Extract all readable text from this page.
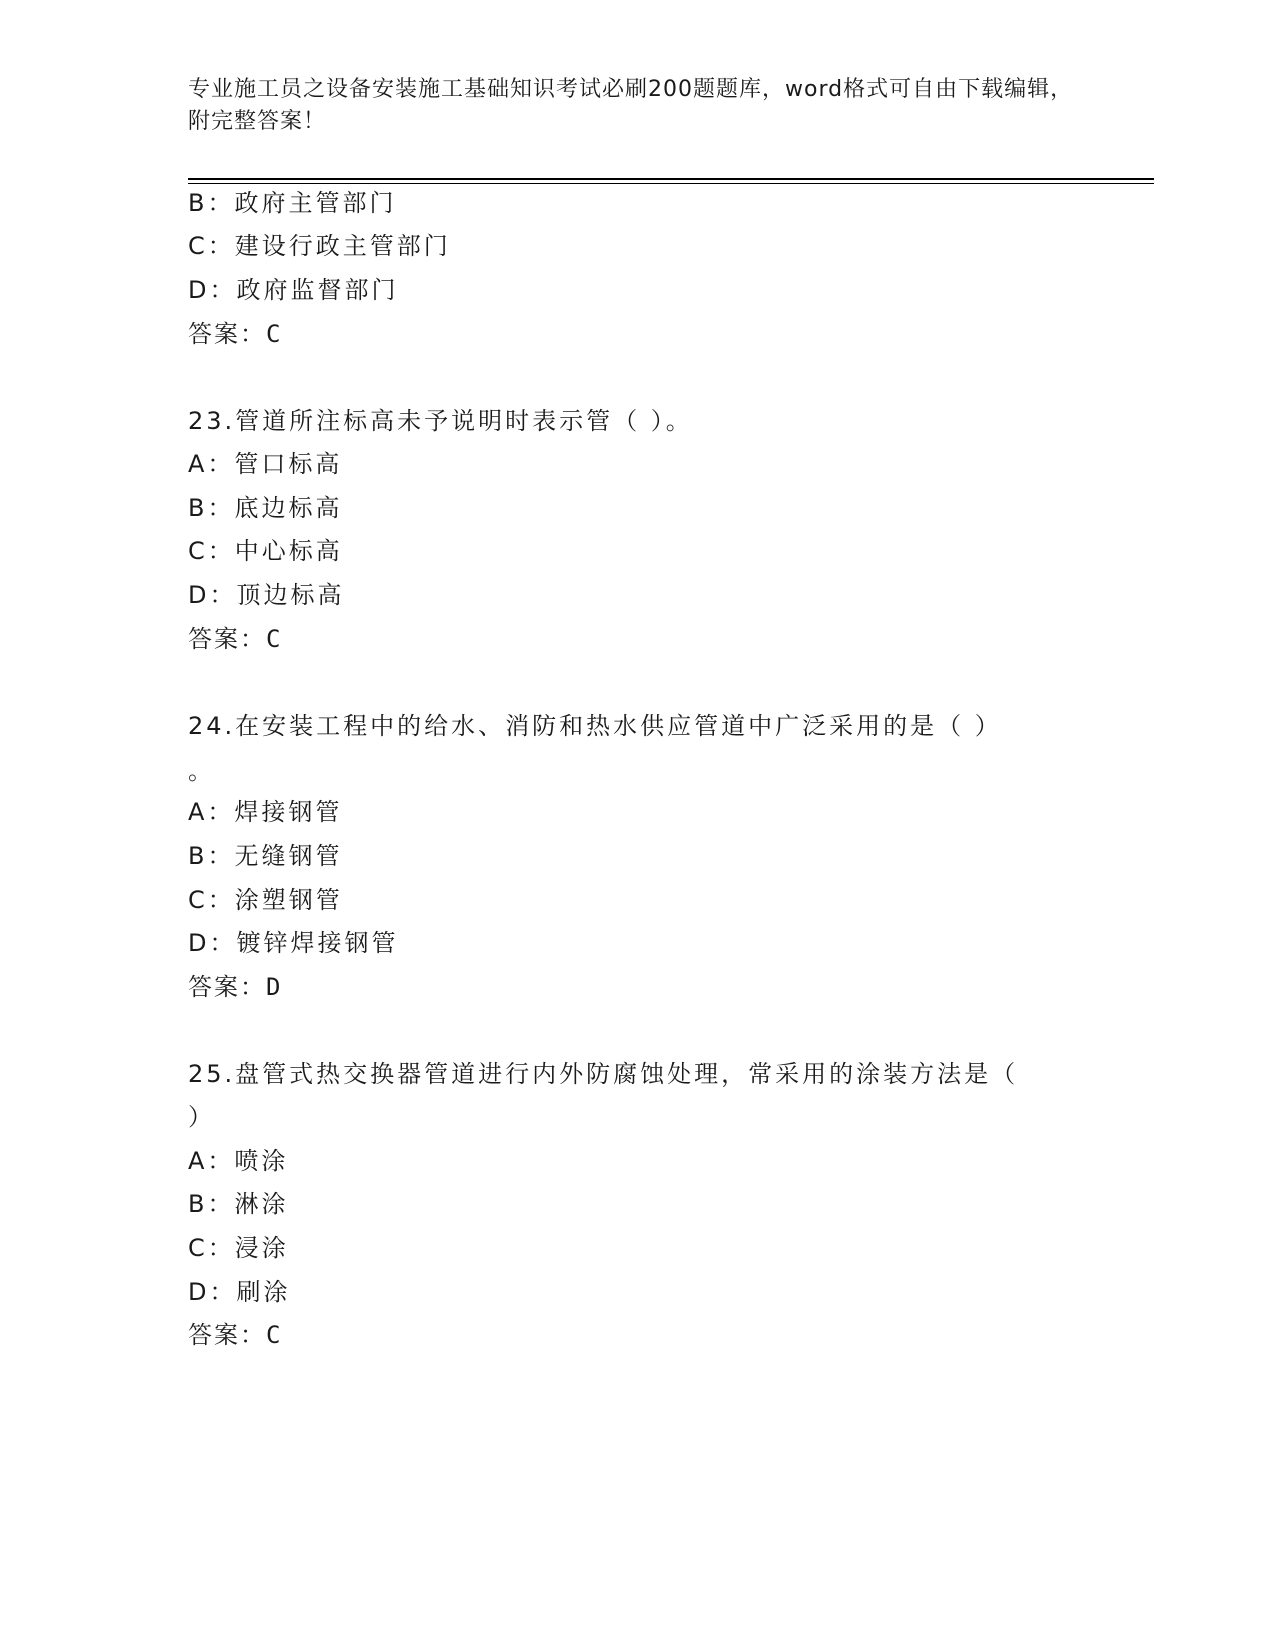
专业施工员之设备安装施工基础知识考试必刷200题题库，word格式可自由下载编辑，附完整答案！
B：政府主管部门
C：建设行政主管部门
D：政府监督部门
答案：C
23.管道所注标高未予说明时表示管（ ）。
A：管口标高
B：底边标高
C：中心标高
D：顶边标高
答案：C
24.在安装工程中的给水、消防和热水供应管道中广泛采用的是（ ）
。
A：焊接钢管
B：无缝钢管
C：涂塑钢管
D：镀锌焊接钢管
答案：D
25.盘管式热交换器管道进行内外防腐蚀处理，常采用的涂装方法是（
）
A：喷涂
B：淋涂
C：浸涂
D：刷涂
答案：C
